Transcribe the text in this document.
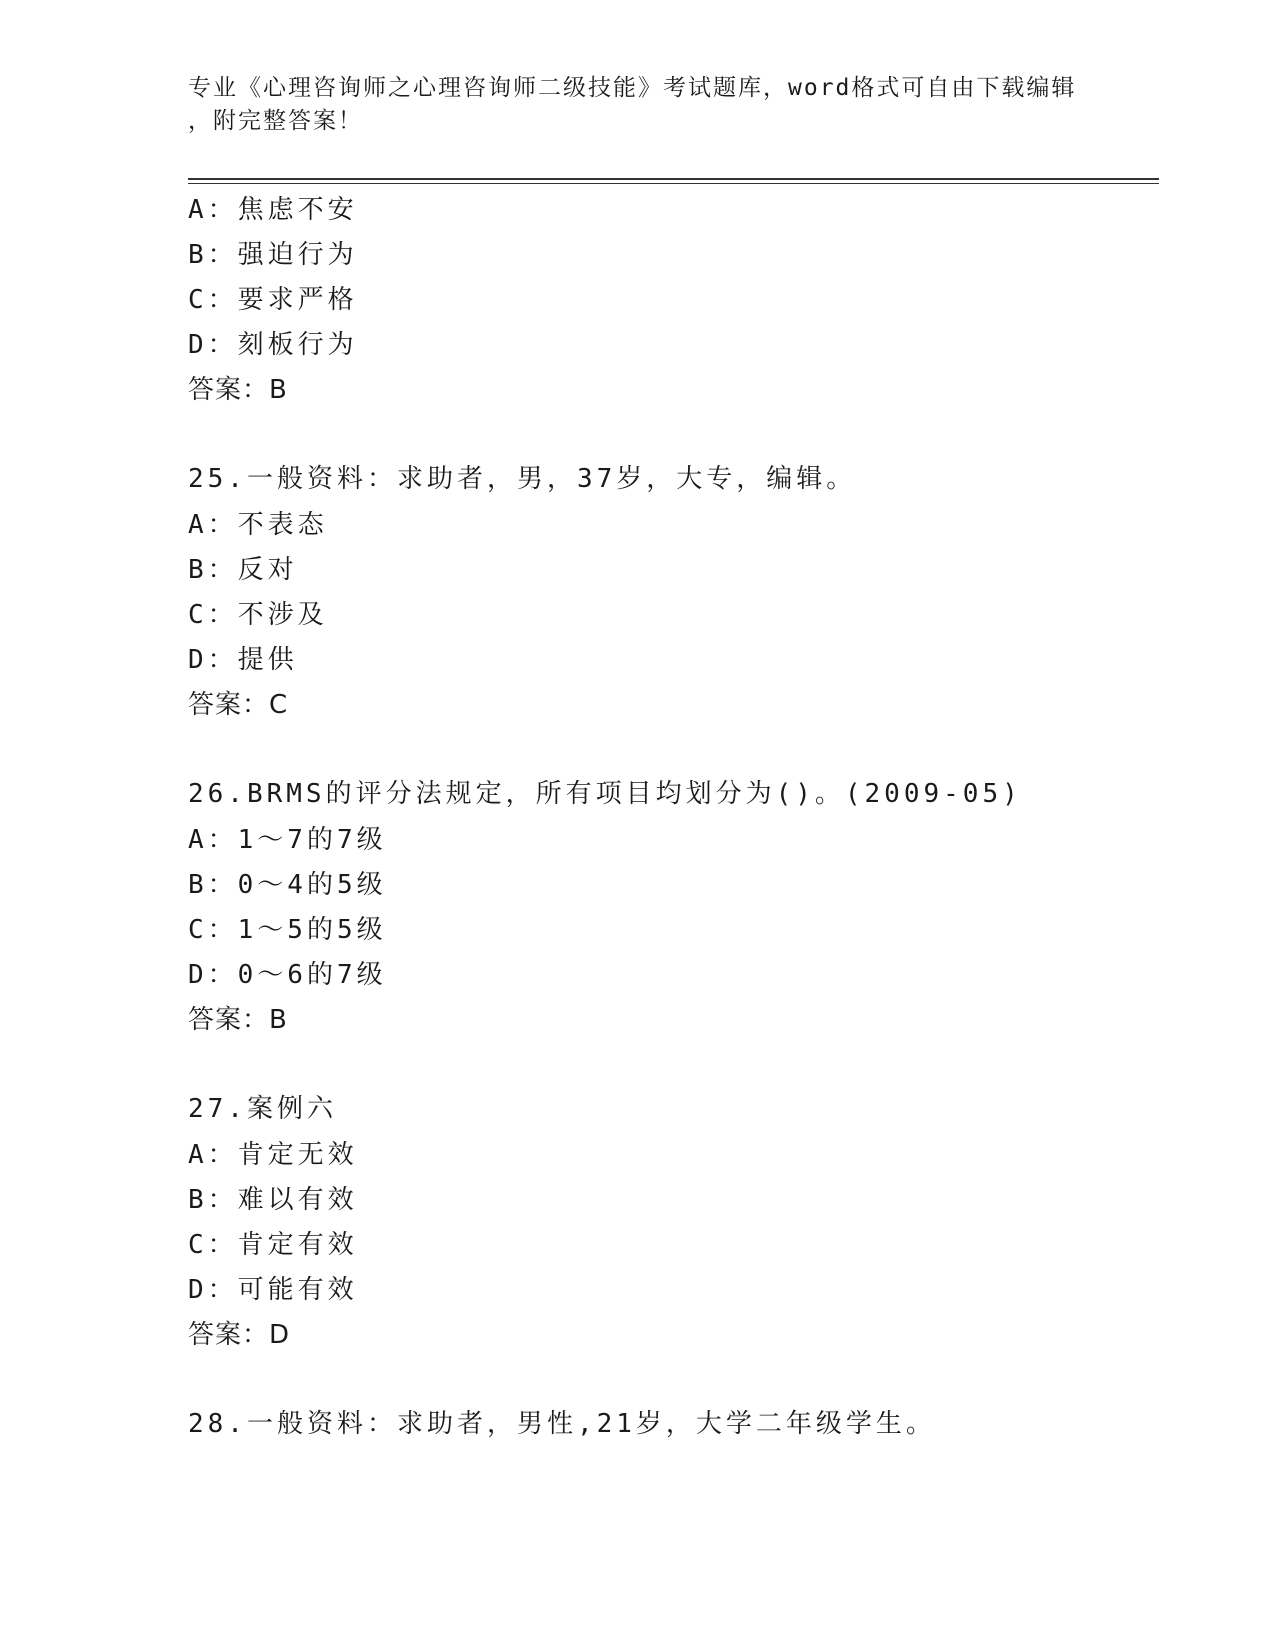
专业《心理咨询师之心理咨询师二级技能》考试题库，word格式可自由下载编辑
，附完整答案！
A：焦虑不安
B：强迫行为
C：要求严格
D：刻板行为
答案：B
25.一般资料：求助者，男，37岁，大专，编辑。
A：不表态
B：反对
C：不涉及
D：提供
答案：C
26.BRMS的评分法规定，所有项目均划分为()。(2009-05)
A：1～7的7级
B：0～4的5级
C：1～5的5级
D：0～6的7级
答案：B
27.案例六
A：肯定无效
B：难以有效
C：肯定有效
D：可能有效
答案：D
28.一般资料：求助者，男性,21岁，大学二年级学生。
